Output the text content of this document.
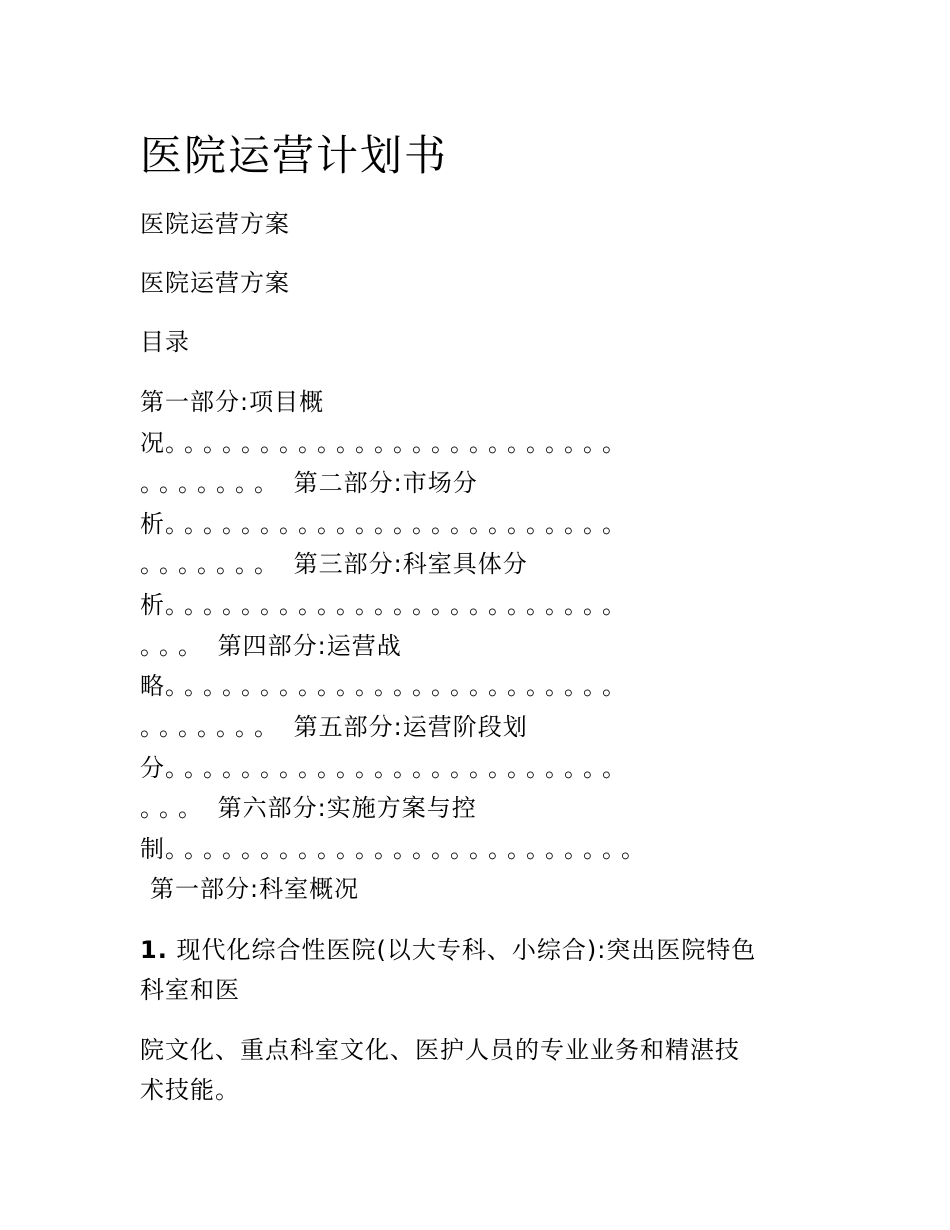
医院运营计划书

医院运营方案

医院运营方案

目录

第一部分:项目概
况。。。。。。。。。。。。。。。。。。。。。。。。
。。。。。。。 第二部分:市场分
析。。。。。。。。。。。。。。。。。。。。。。。。
。。。。。。。 第三部分:科室具体分
析。。。。。。。。。。。。。。。。。。。。。。。。
。。。 第四部分:运营战
略。。。。。。。。。。。。。。。。。。。。。。。。
。。。。。。。 第五部分:运营阶段划
分。。。。。。。。。。。。。。。。。。。。。。。。
。。。 第六部分:实施方案与控
制。。。。。。。。。。。。。。。。。。。。。。。。。
第一部分:科室概况
1. 现代化综合性医院(以大专科、小综合):突出医院特色

科室和医

院文化、重点科室文化、医护人员的专业业务和精湛技

术技能。
